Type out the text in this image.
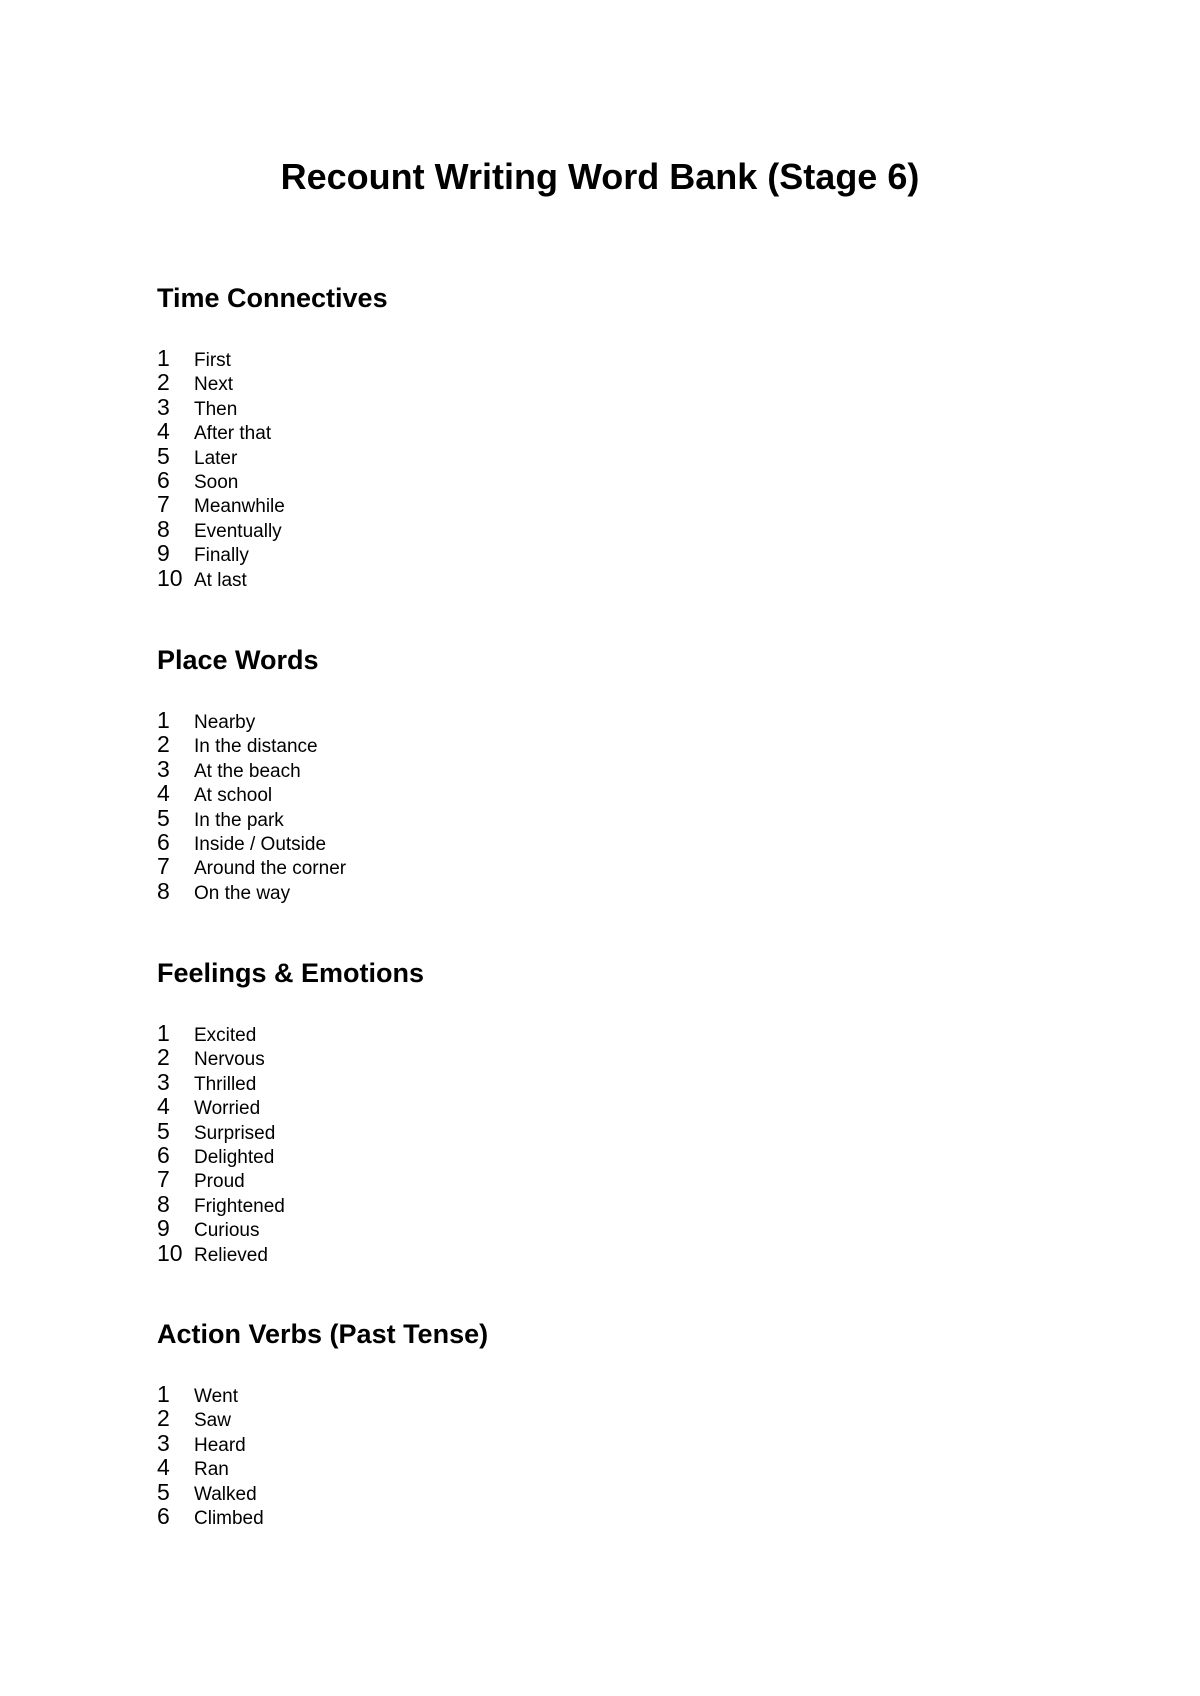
Recount Writing Word Bank (Stage 6)
Time Connectives
1	First
2	Next
3	Then
4	After that
5	Later
6	Soon
7	Meanwhile
8	Eventually
9	Finally
10 At last
Place Words
1	Nearby
2	In the distance
3	At the beach
4	At school
5	In the park
6	Inside / Outside
7	Around the corner
8	On the way
Feelings & Emotions
1	Excited
2	Nervous
3	Thrilled
4	Worried
5	Surprised
6	Delighted
7	Proud
8	Frightened
9	Curious
10 Relieved
Action Verbs (Past Tense)
1	Went
2	Saw
3	Heard
4	Ran
5	Walked
6	Climbed
